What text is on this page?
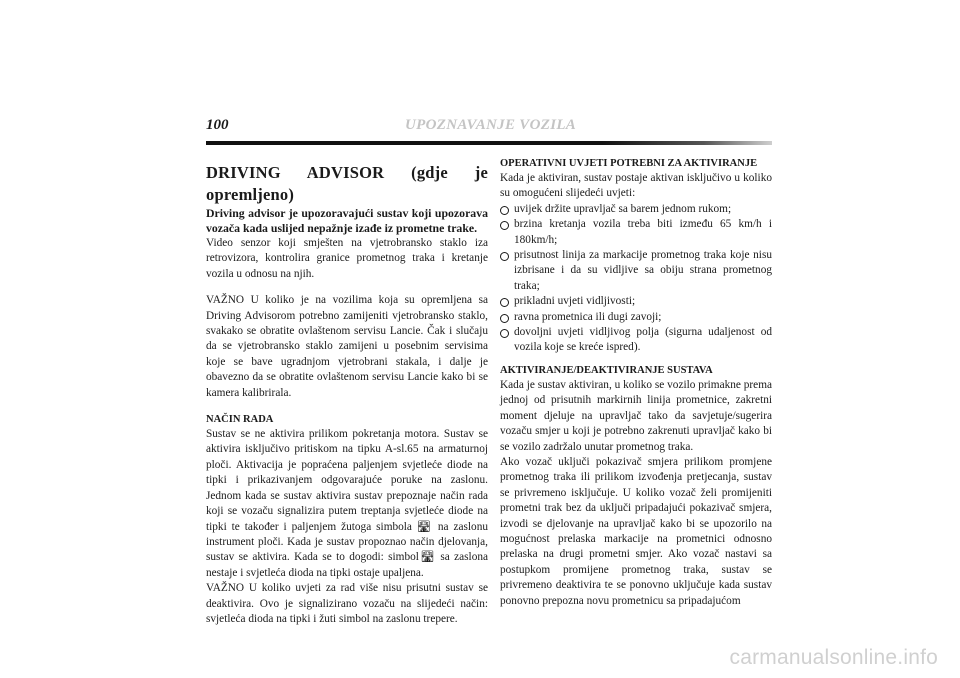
100	UPOZNAVANJE VOZILA

DRIVING ADVISOR (gdje je opremljeno)

Driving advisor je upozoravajući sustav koji upozorava vozača kada uslijed nepažnje izađe iz prometne trake.

Video senzor koji smješten na vjetrobransko staklo iza retrovizora, kontrolira granice prometnog traka i kretanje vozila u odnosu na njih.

VAŽNO U koliko je na vozilima koja su opremljena sa Driving Advisorom potrebno zamijeniti vjetrobransko staklo, svakako se obratite ovlaštenom servisu Lancie. Čak i slučaju da se vjetrobransko staklo zamijeni u posebnim servisima koje se bave ugradnjom vjetrobrani stakala, i dalje je obavezno da se obratite ovlaštenom servisu Lancie kako bi se kamera kalibrirala.

NAČIN RADA

Sustav se ne aktivira prilikom pokretanja motora. Sustav se aktivira isključivo pritiskom na tipku A-sl.65 na armaturnoj ploči. Aktivacija je popraćena paljenjem svjetleće diode na tipki i prikazivanjem odgovarajuće poruke na zaslonu. Jednom kada se sustav aktivira sustav prepoznaje način rada koji se vozaču signalizira putem treptanja svjetleće diode na tipki te također i paljenjem žutoga simbola 🛣︎ na zaslonu instrument ploči. Kada je sustav propoznao način djelovanja, sustav se aktivira. Kada se to dogodi: simbol🛣︎ sa zaslona nestaje i svjetleća dioda na tipki ostaje upaljena.

VAŽNO U koliko uvjeti za rad više nisu prisutni sustav se deaktivira. Ovo je signalizirano vozaču na slijedeći način: svjetleća dioda na tipki i žuti simbol na zaslonu trepere.

OPERATIVNI UVJETI POTREBNI ZA AKTIVIRANJE

Kada je aktiviran, sustav postaje aktivan isključivo u koliko su omogućeni slijedeći uvjeti:

uvijek držite upravljač sa barem jednom rukom;
brzina kretanja vozila treba biti između 65 km/h i 180km/h;
prisutnost linija za markacije prometnog traka koje nisu izbrisane i da su vidljive sa obiju strana prometnog traka;
prikladni uvjeti vidljivosti;
ravna prometnica ili dugi zavoji;
dovoljni uvjeti vidljivog polja (sigurna udaljenost od vozila koje se kreće ispred).

AKTIVIRANJE/DEAKTIVIRANJE SUSTAVA

Kada je sustav aktiviran, u koliko se vozilo primakne prema jednoj od prisutnih markirnih linija prometnice, zakretni moment djeluje na upravljač tako da savjetuje/sugerira vozaču smjer u koji je potrebno zakrenuti upravljač kako bi se vozilo zadržalo unutar prometnog traka.

Ako vozač uključi pokazivač smjera prilikom promjene prometnog traka ili prilikom izvođenja pretjecanja, sustav se privremeno isključuje. U koliko vozač želi promijeniti prometni trak bez da uključi pripadajući pokazivač smjera, izvodi se djelovanje na upravljač kako bi se upozorilo na mogućnost prelaska markacije na prometnici odnosno prelaska na drugi prometni smjer. Ako vozač nastavi sa postupkom promijene prometnog traka, sustav se privremeno deaktivira te se ponovno uključuje kada sustav ponovno prepozna novu prometnicu sa pripadajućom

carmanualsonline.info
